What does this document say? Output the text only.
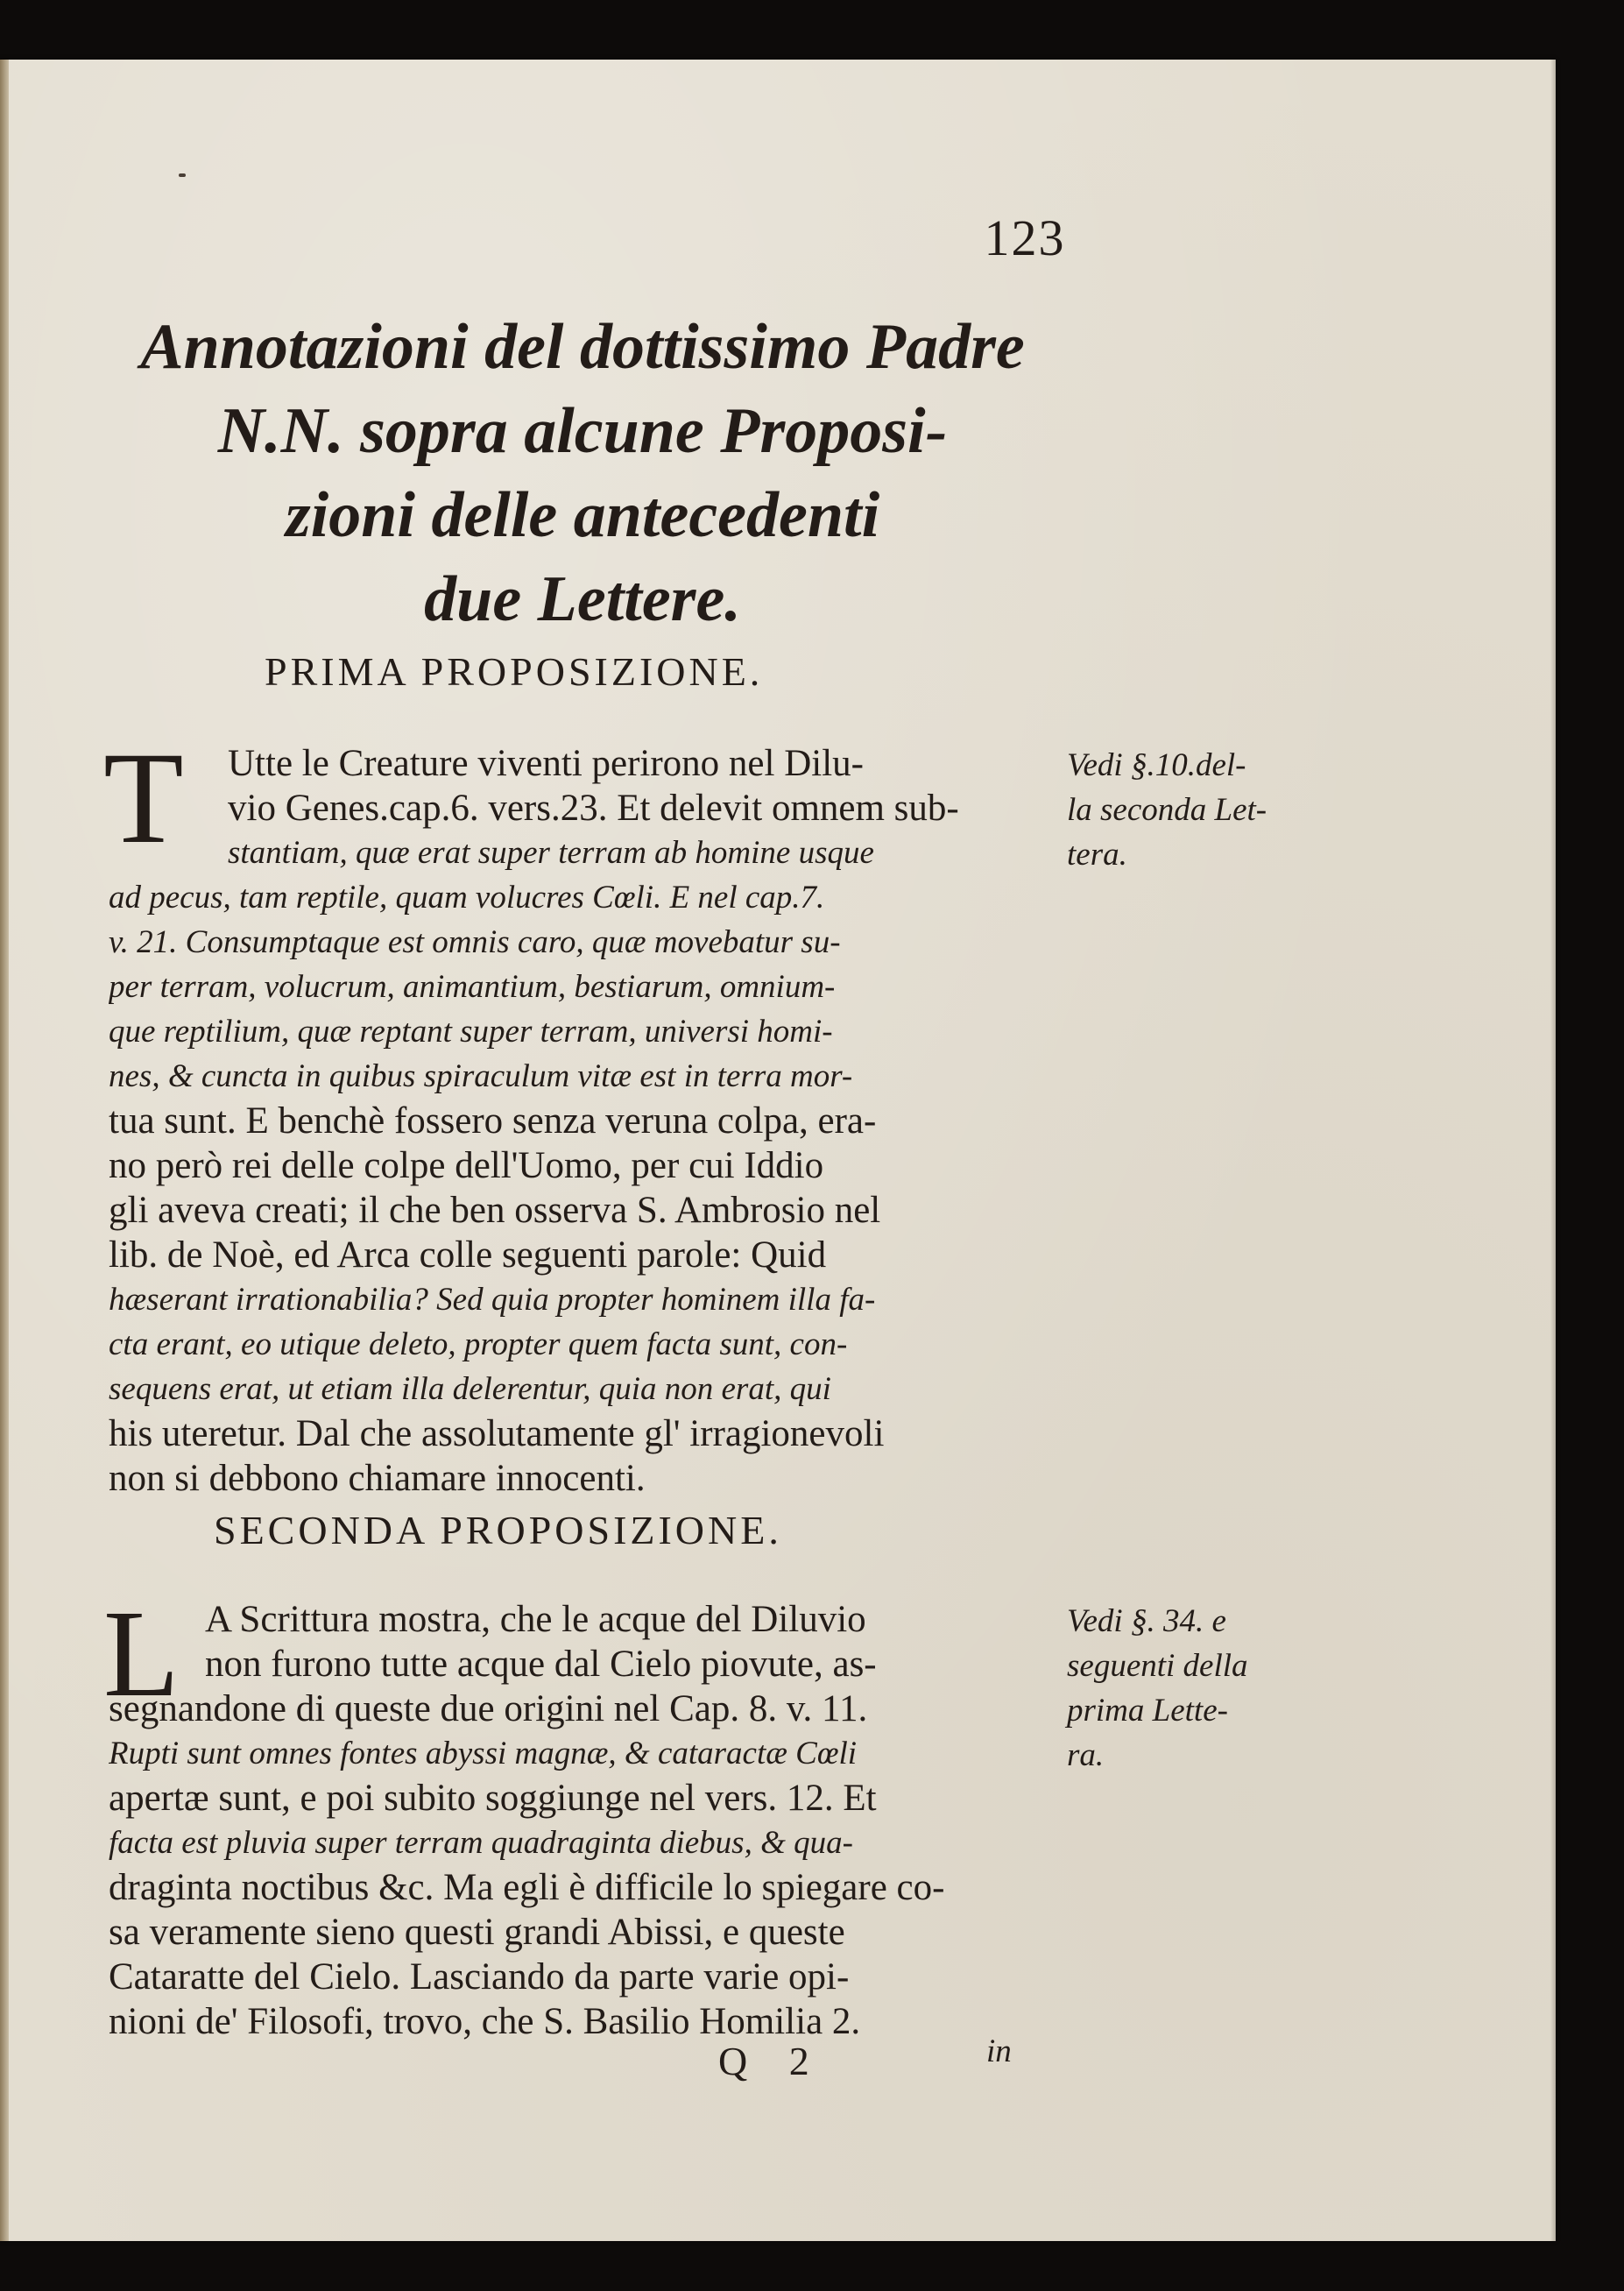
123
Annotazioni del dottissimo Padre
N.N. sopra alcune Proposi-
zioni delle antecedenti
due Lettere.
PRIMA PROPOSIZIONE.
T	Utte le Creature viventi perirono nel Dilu-
vio Genes.cap.6. vers.23. Et delevit omnem sub-
stantiam, quæ erat super terram ab homine usque
ad pecus, tam reptile, quam volucres Cœli. E nel cap.7.
v. 21. Consumptaque est omnis caro, quæ movebatur su-
per terram, volucrum, animantium, bestiarum, omnium-
que reptilium, quæ reptant super terram, universi homi-
nes, & cuncta in quibus spiraculum vitæ est in terra mor-
tua sunt. E benchè fossero senza veruna colpa, era-
no però rei delle colpe dell'Uomo, per cui Iddio
gli aveva creati; il che ben osserva S. Ambrosio nel
lib. de Noè, ed Arca colle seguenti parole: Quid
hæserant irrationabilia? Sed quia propter hominem illa fa-
cta erant, eo utique deleto, propter quem facta sunt, con-
sequens erat, ut etiam illa delerentur, quia non erat, qui
his uteretur. Dal che assolutamente gl' irragionevoli
non si debbono chiamare innocenti.
Vedi §.10.del-
la seconda Let-
tera.
SECONDA PROPOSIZIONE.
L A Scrittura mostra, che le acque del Diluvio
non furono tutte acque dal Cielo piovute, as-
segnandone di queste due origini nel Cap. 8. v. 11.
Rupti sunt omnes fontes abyssi magnæ, & cataractæ Cœli
apertæ sunt, e poi subito soggiunge nel vers. 12. Et
facta est pluvia super terram quadraginta diebus, & qua-
draginta noctibus &c. Ma egli è difficile lo spiegare co-
sa veramente sieno questi grandi Abissi, e queste
Cataratte del Cielo. Lasciando da parte varie opi-
nioni de' Filosofi, trovo, che S. Basilio Homilia 2.
Vedi §. 34. e
seguenti della
prima Lette-
ra.
Q 2	in
